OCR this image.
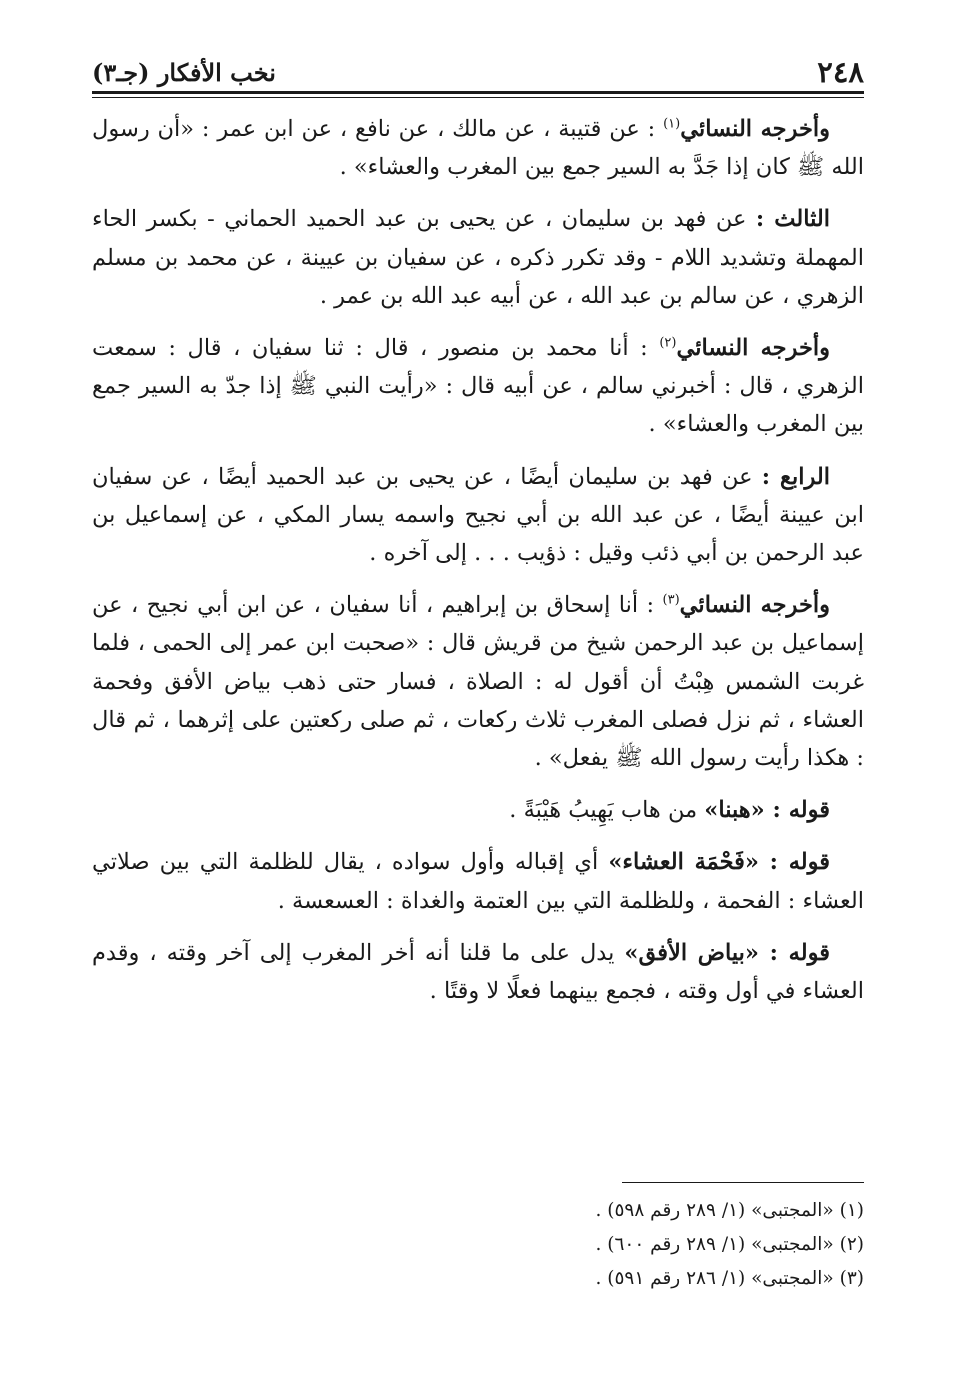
٢٤٨
نخب الأفكار (جـ٣)

وأخرجه النسائي$^{(١)}$ : عن قتيبة ، عن مالك ، عن نافع ، عن ابن عمر : «أن رسول الله ﷺ كان إذا جَدَّ به السير جمع بين المغرب والعشاء» .

الثالث : عن فهد بن سليمان ، عن يحيى بن عبد الحميد الحماني - بكسر الحاء المهملة وتشديد اللام - وقد تكرر ذكره ، عن سفيان بن عيينة ، عن محمد بن مسلم الزهري ، عن سالم بن عبد الله ، عن أبيه عبد الله بن عمر .

وأخرجه النسائي$^{(٢)}$ : أنا محمد بن منصور ، قال : ثنا سفيان ، قال : سمعت الزهري ، قال : أخبرني سالم ، عن أبيه قال : «رأيت النبي ﷺ إذا جدّ به السير جمع بين المغرب والعشاء» .

الرابع : عن فهد بن سليمان أيضًا ، عن يحيى بن عبد الحميد أيضًا ، عن سفيان ابن عيينة أيضًا ، عن عبد الله بن أبي نجيح واسمه يسار المكي ، عن إسماعيل بن عبد الرحمن بن أبي ذئب وقيل : ذؤيب . . . إلى آخره .

وأخرجه النسائي$^{(٣)}$ : أنا إسحاق بن إبراهيم ، أنا سفيان ، عن ابن أبي نجيح ، عن إسماعيل بن عبد الرحمن شيخ من قريش قال : «صحبت ابن عمر إلى الحمى ، فلما غربت الشمس هِبْتُ أن أقول له : الصلاة ، فسار حتى ذهب بياض الأفق وفحمة العشاء ، ثم نزل فصلى المغرب ثلاث ركعات ، ثم صلى ركعتين على إثرهما ، ثم قال : هكذا رأيت رسول الله ﷺ يفعل» .

قوله : «هبنا» من هاب يَهِيبُ هَيْبَةً .

قوله : «فَحْمَة العشاء» أي إقباله وأول سواده ، يقال للظلمة التي بين صلاتي العشاء : الفحمة ، وللظلمة التي بين العتمة والغداة : العسعسة .

قوله : «بياض الأفق» يدل على ما قلنا أنه أخر المغرب إلى آخر وقته ، وقدم العشاء في أول وقته ، فجمع بينهما فعلًا لا وقتًا .

(١) «المجتبى» (١/ ٢٨٩ رقم ٥٩٨) .

(٢) «المجتبى» (١/ ٢٨٩ رقم ٦٠٠) .

(٣) «المجتبى» (١/ ٢٨٦ رقم ٥٩١) .
